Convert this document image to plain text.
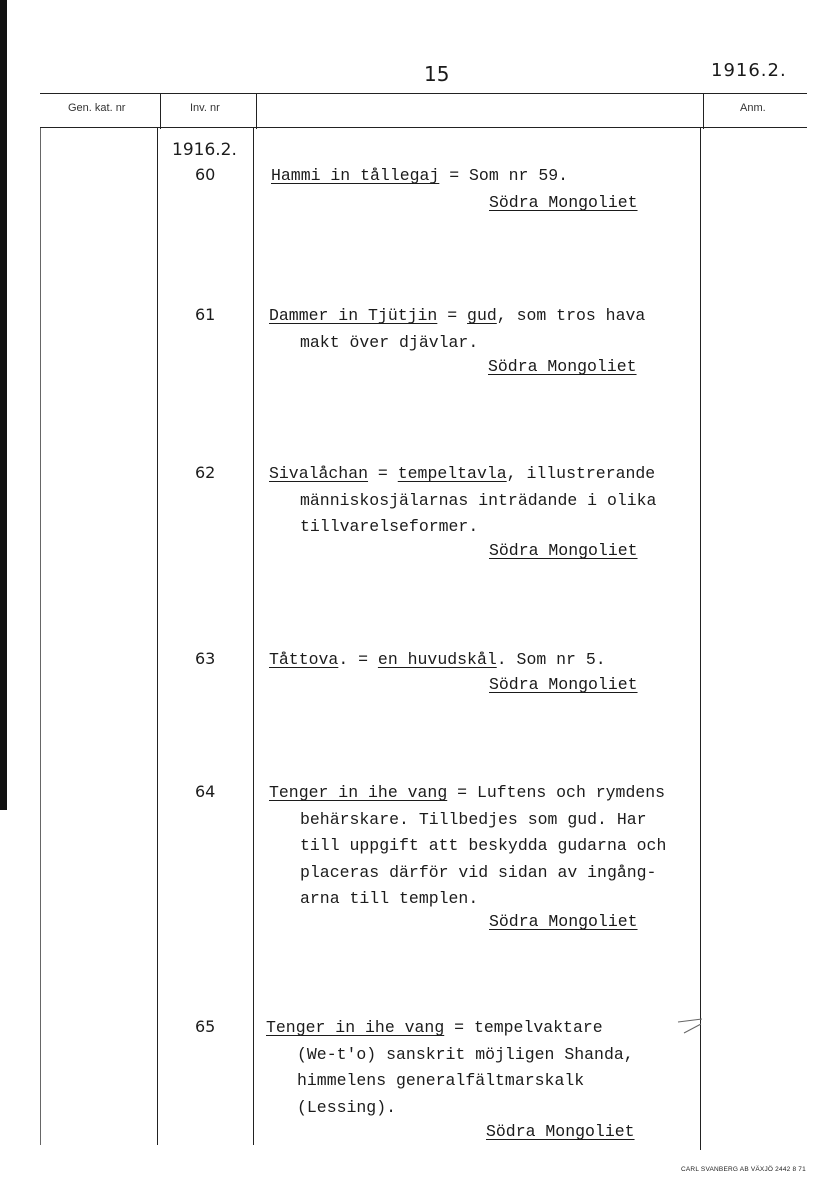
15	1916.2.
Gen. kat. nr	Inv. nr	Anm.
1916.2.
60	Hammi in tållegaj = Som nr 59.
Södra Mongoliet
61	Dammer in Tjütjin = gud, som tros hava
makt över djävlar.
Södra Mongoliet
62	Sivalåchan = tempeltavla, illustrerande
människosjälarnas inträdande i olika
tillvarelseformer.
Södra Mongoliet
63	Tåttova. = en huvudskål. Som nr 5.
Södra Mongoliet
64	Tenger in ihe vang = Luftens och rymdens
behärskare. Tillbedjes som gud. Har
till uppgift att beskydda gudarna och
placeras därför vid sidan av ingång-
arna till templen.
Södra Mongoliet
65	Tenger in ihe vang = tempelvaktare
(We-t'o) sanskrit möjligen Shanda,
himmelens generalfältmarskalk
(Lessing).
Södra Mongoliet
CARL SVANBERG AB VÄXJÖ 2442 8 71
